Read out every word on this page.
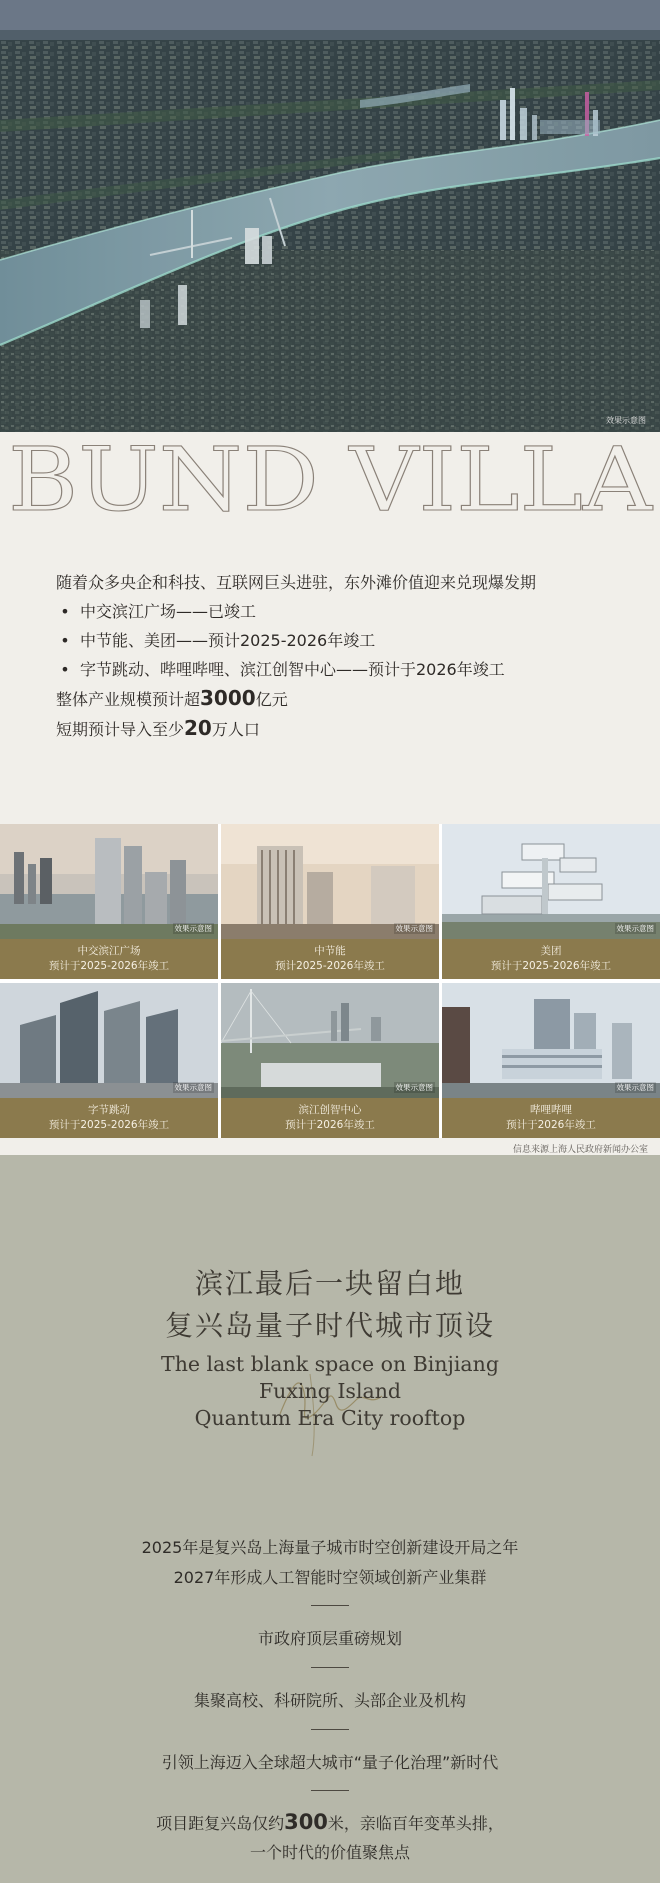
效果示意图
BUND VILLA
随着众多央企和科技、互联网巨头进驻，东外滩价值迎来兑现爆发期
• 中交滨江广场——已竣工
• 中节能、美团——预计2025-2026年竣工
• 字节跳动、哔哩哔哩、滨江创智中心——预计于2026年竣工
整体产业规模预计超3000亿元
短期预计导入至少20万人口
效果示意图
中交滨江广场
预计于2025-2026年竣工
效果示意图
中节能
预计2025-2026年竣工
效果示意图
美团
预计于2025-2026年竣工
效果示意图
字节跳动
预计于2025-2026年竣工
效果示意图
滨江创智中心
预计于2026年竣工
效果示意图
哔哩哔哩
预计于2026年竣工
信息来源上海人民政府新闻办公室
滨江最后一块留白地
复兴岛量子时代城市顶设
The last blank space on Binjiang
Fuxing Island
Quantum Era City rooftop
2025年是复兴岛上海量子城市时空创新建设开局之年
2027年形成人工智能时空领域创新产业集群
市政府顶层重磅规划
集聚高校、科研院所、头部企业及机构
引领上海迈入全球超大城市“量子化治理”新时代
项目距复兴岛仅约300米，亲临百年变革头排，
一个时代的价值聚焦点
